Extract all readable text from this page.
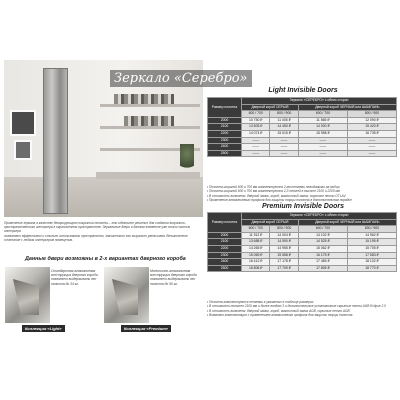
Зеркало «Серебро»

Применение зеркала в качестве декорирующего покрытия полотна – это идеальное решение для создания визуально-пространственного интерьера в ограниченном пространстве. Зеркальные двери в данном элементе уже стали частью интерьера

позволяют эффективно и стильно использовать пространство, значительно его визуально увеличивая. Великолепное сочетание с любым интерьером помещения.

Данные двери возможны в 2-х вариантах дверного короба
Стандартная алюминиевая конструкция дверного короба позволяет выдерживать вес полотна до 34 кг.
Коллекция «Light»
Монолитно-алюминиевая конструкция дверного короба позволяет выдерживать вес полотна до 90 кг.
Коллекция «Premium»
Light Invisible Doors
Размер полотна	Зеркало «СЕРЕБРО» с обеих сторон			
	Дверной короб СЕРЫЙ		Дверной короб ЧЕРНЫЙ или ШАМПАНЬ	
	600 / 700	800 / 900	600 / 700	800 / 900
2000	10 750 ₽	11 005 ₽	11 565 ₽	12 090 ₽
2100	13 605 ₽	14 450 ₽	14 000 ₽	15 420 ₽
2200	14 074 ₽	15 015 ₽	15 958 ₽	16 735 ₽
2300	——	——	——	——
2400	——	——	——	——
2500	——	——	——	——

• Полотна шириной 600 и 700 мм комплектуются 2-мя петлями невидимыми на выбор

• Полотна шириной 600 и 700 мм комплектуются 2-3 петлей в высоте 2100 и 2200 мм

• В стоимость включены: дверной замок, короб, магнитный замок, скрытые петли OTLAV

• Применение алюминиевого профиля для защиты торцы полотна в дополнительном порядке

Premium Invisible Doors
Размер полотна	Зеркало «СЕРЕБРО» с обеих сторон			
	Дверной короб СЕРЫЙ		Дверной короб ЧЕРНЫЙ или ШАМПАНЬ	
	600 / 700	800 / 900	600 / 700	800 / 900
2000	11 912 ₽	14 004 ₽	14 102 ₽	14 962 ₽
2100	13 688 ₽	14 590 ₽	14 525 ₽	15 195 ₽
2200	14 265 ₽	14 955 ₽	15 062 ₽	15 705 ₽
2300	15 069 ₽	15 558 ₽	16 175 ₽	17 583 ₽
2400	16 412 ₽	17 178 ₽	17 465 ₽	18 102 ₽
2500	16 806 ₽	17 709 ₽	17 805 ₽	18 770 ₽

• Полотна комплектуются петлями в указанных в таблице размерах

• В стоимости полотен 2100 мм и более входят 3 и дополнительные установочные скрытые петли AGB Eclipse 2.0

• В стоимость включены: дверной замок, короб, магнитный замок AGB, скрытые петли AGB

• Возможно комплектация с применением алюминиевого профиля для защиты торцы полотна
